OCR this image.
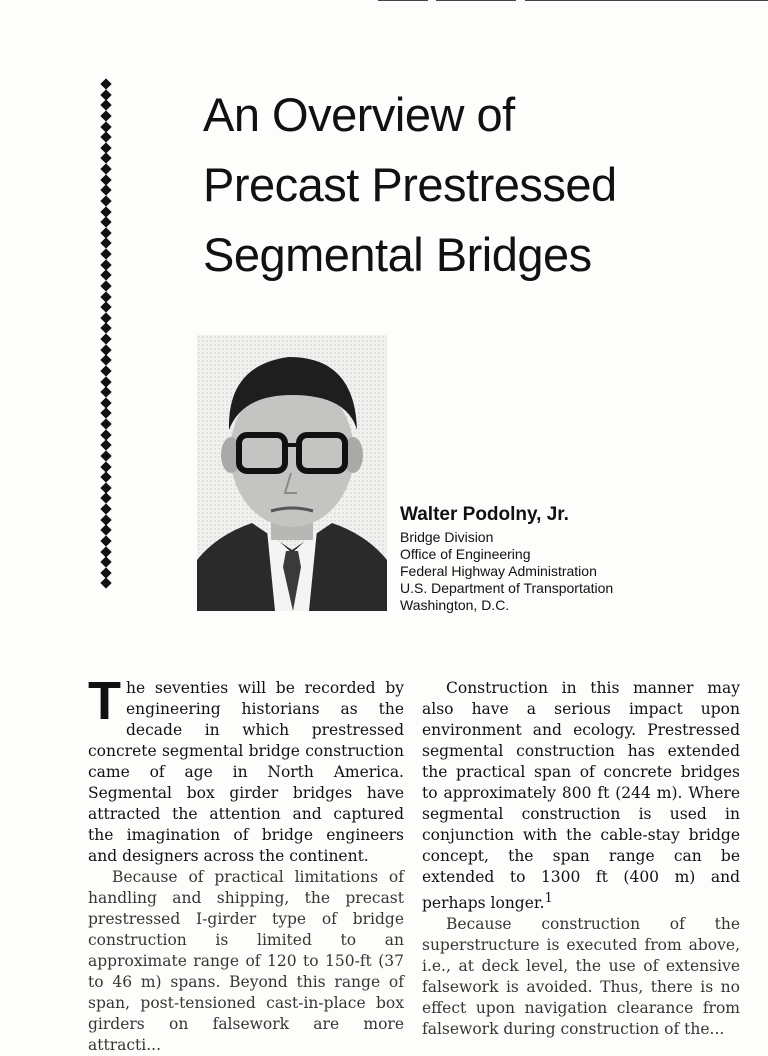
An Overview of
Precast Prestressed
Segmental Bridges
Walter Podolny, Jr.
Bridge Division
Office of Engineering
Federal Highway Administration
U.S. Department of Transportation
Washington, D.C.

The seventies will be recorded by engineering historians as the decade in which prestressed concrete segmental bridge construction came of age in North America. Segmental box girder bridges have attracted the attention and captured the imagination of bridge engineers and designers across the continent.

Because of practical limitations of handling and shipping, the precast prestressed I-girder type of bridge construction is limited to an approximate range of 120 to 150-ft (37 to 46 m) spans. Beyond this range of span, post-tensioned cast-in-place box girders on falsework are more attracti...

Construction in this manner may also have a serious impact upon environment and ecology. Prestressed segmental construction has extended the practical span of concrete bridges to approximately 800 ft (244 m). Where segmental construction is used in conjunction with the cable-stay bridge concept, the span range can be extended to 1300 ft (400 m) and perhaps longer.$^1$

Because construction of the superstructure is executed from above, i.e., at deck level, the use of extensive falsework is avoided. Thus, there is no effect upon navigation clearance from falsework during construction of the...
